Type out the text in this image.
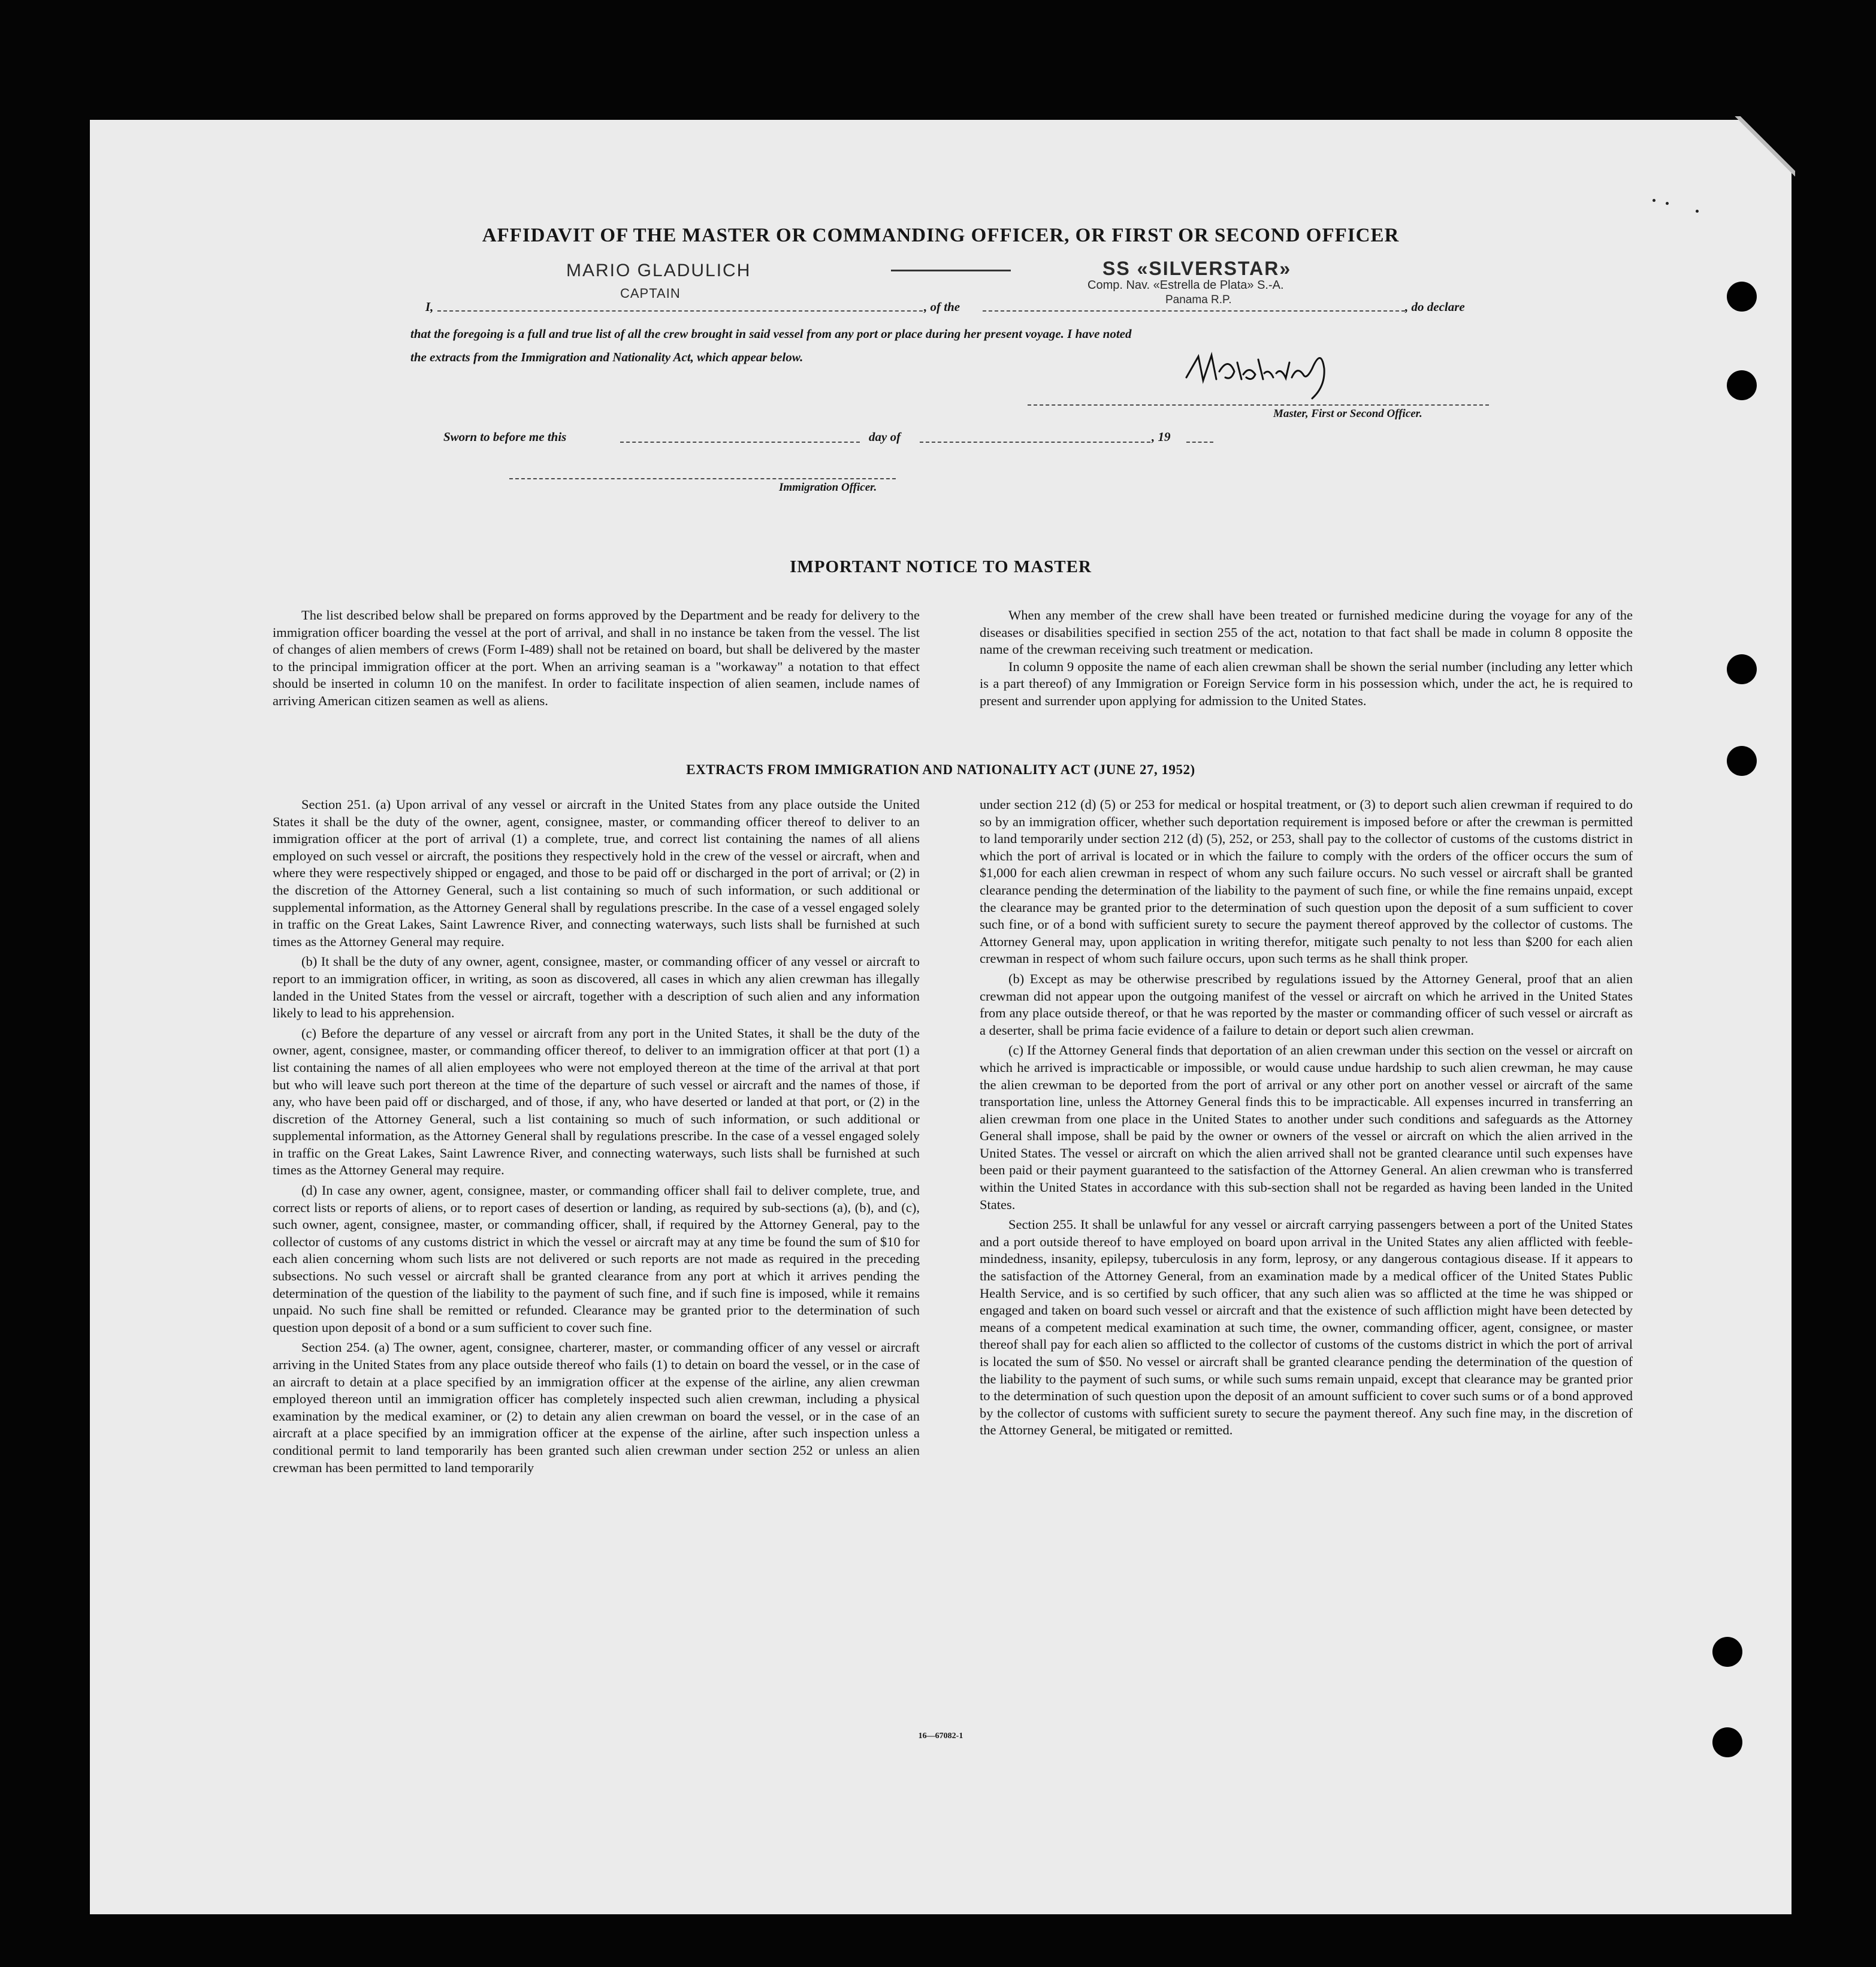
AFFIDAVIT OF THE MASTER OR COMMANDING OFFICER, OR FIRST OR SECOND OFFICER
MARIO GLADULICH	SS «SILVERSTAR»
CAPTAIN
Comp. Nav. «Estrella de Plata» S.-A.
Panama R.P.
I,	, of the	, do declare
that the foregoing is a full and true list of all the crew brought in said vessel from any port or place during her present voyage. I have noted
the extracts from the Immigration and Nationality Act, which appear below.
Master, First or Second Officer.
Sworn to before me this	day of	, 19
Immigration Officer.
IMPORTANT NOTICE TO MASTER

The list described below shall be prepared on forms approved by the Department and be ready for delivery to the immigration officer boarding the vessel at the port of arrival, and shall in no instance be taken from the vessel. The list of changes of alien members of crews (Form I-489) shall not be retained on board, but shall be delivered by the master to the principal immigration officer at the port. When an arriving seaman is a "workaway" a notation to that effect should be inserted in column 10 on the manifest. In order to facilitate inspection of alien seamen, include names of arriving American citizen seamen as well as aliens.

When any member of the crew shall have been treated or furnished medicine during the voyage for any of the diseases or disabilities specified in section 255 of the act, notation to that fact shall be made in column 8 opposite the name of the crewman receiving such treatment or medication.

In column 9 opposite the name of each alien crewman shall be shown the serial number (including any letter which is a part thereof) of any Immigration or Foreign Service form in his possession which, under the act, he is required to present and surrender upon applying for admission to the United States.

EXTRACTS FROM IMMIGRATION AND NATIONALITY ACT (JUNE 27, 1952)

Section 251. (a) Upon arrival of any vessel or aircraft in the United States from any place outside the United States it shall be the duty of the owner, agent, consignee, master, or commanding officer thereof to deliver to an immigration officer at the port of arrival (1) a complete, true, and correct list containing the names of all aliens employed on such vessel or aircraft, the positions they respectively hold in the crew of the vessel or aircraft, when and where they were respectively shipped or engaged, and those to be paid off or discharged in the port of arrival; or (2) in the discretion of the Attorney General, such a list containing so much of such information, or such additional or supplemental information, as the Attorney General shall by regulations prescribe. In the case of a vessel engaged solely in traffic on the Great Lakes, Saint Lawrence River, and connecting waterways, such lists shall be furnished at such times as the Attorney General may require.

(b) It shall be the duty of any owner, agent, consignee, master, or commanding officer of any vessel or aircraft to report to an immigration officer, in writing, as soon as discovered, all cases in which any alien crewman has illegally landed in the United States from the vessel or aircraft, together with a description of such alien and any information likely to lead to his apprehension.

(c) Before the departure of any vessel or aircraft from any port in the United States, it shall be the duty of the owner, agent, consignee, master, or commanding officer thereof, to deliver to an immigration officer at that port (1) a list containing the names of all alien employees who were not employed thereon at the time of the arrival at that port but who will leave such port thereon at the time of the departure of such vessel or aircraft and the names of those, if any, who have been paid off or discharged, and of those, if any, who have deserted or landed at that port, or (2) in the discretion of the Attorney General, such a list containing so much of such information, or such additional or supplemental information, as the Attorney General shall by regulations prescribe. In the case of a vessel engaged solely in traffic on the Great Lakes, Saint Lawrence River, and connecting waterways, such lists shall be furnished at such times as the Attorney General may require.

(d) In case any owner, agent, consignee, master, or commanding officer shall fail to deliver complete, true, and correct lists or reports of aliens, or to report cases of desertion or landing, as required by sub-sections (a), (b), and (c), such owner, agent, consignee, master, or commanding officer, shall, if required by the Attorney General, pay to the collector of customs of any customs district in which the vessel or aircraft may at any time be found the sum of $10 for each alien concerning whom such lists are not delivered or such reports are not made as required in the preceding subsections. No such vessel or aircraft shall be granted clearance from any port at which it arrives pending the determination of the question of the liability to the payment of such fine, and if such fine is imposed, while it remains unpaid. No such fine shall be remitted or refunded. Clearance may be granted prior to the determination of such question upon deposit of a bond or a sum sufficient to cover such fine.

Section 254. (a) The owner, agent, consignee, charterer, master, or commanding officer of any vessel or aircraft arriving in the United States from any place outside thereof who fails (1) to detain on board the vessel, or in the case of an aircraft to detain at a place specified by an immigration officer at the expense of the airline, any alien crewman employed thereon until an immigration officer has completely inspected such alien crewman, including a physical examination by the medical examiner, or (2) to detain any alien crewman on board the vessel, or in the case of an aircraft at a place specified by an immigration officer at the expense of the airline, after such inspection unless a conditional permit to land temporarily has been granted such alien crewman under section 252 or unless an alien crewman has been permitted to land temporarily

under section 212 (d) (5) or 253 for medical or hospital treatment, or (3) to deport such alien crewman if required to do so by an immigration officer, whether such deportation requirement is imposed before or after the crewman is permitted to land temporarily under section 212 (d) (5), 252, or 253, shall pay to the collector of customs of the customs district in which the port of arrival is located or in which the failure to comply with the orders of the officer occurs the sum of $1,000 for each alien crewman in respect of whom any such failure occurs. No such vessel or aircraft shall be granted clearance pending the determination of the liability to the payment of such fine, or while the fine remains unpaid, except the clearance may be granted prior to the determination of such question upon the deposit of a sum sufficient to cover such fine, or of a bond with sufficient surety to secure the payment thereof approved by the collector of customs. The Attorney General may, upon application in writing therefor, mitigate such penalty to not less than $200 for each alien crewman in respect of whom such failure occurs, upon such terms as he shall think proper.

(b) Except as may be otherwise prescribed by regulations issued by the Attorney General, proof that an alien crewman did not appear upon the outgoing manifest of the vessel or aircraft on which he arrived in the United States from any place outside thereof, or that he was reported by the master or commanding officer of such vessel or aircraft as a deserter, shall be prima facie evidence of a failure to detain or deport such alien crewman.

(c) If the Attorney General finds that deportation of an alien crewman under this section on the vessel or aircraft on which he arrived is impracticable or impossible, or would cause undue hardship to such alien crewman, he may cause the alien crewman to be deported from the port of arrival or any other port on another vessel or aircraft of the same transportation line, unless the Attorney General finds this to be impracticable. All expenses incurred in transferring an alien crewman from one place in the United States to another under such conditions and safeguards as the Attorney General shall impose, shall be paid by the owner or owners of the vessel or aircraft on which the alien arrived in the United States. The vessel or aircraft on which the alien arrived shall not be granted clearance until such expenses have been paid or their payment guaranteed to the satisfaction of the Attorney General. An alien crewman who is transferred within the United States in accordance with this sub-section shall not be regarded as having been landed in the United States.

Section 255. It shall be unlawful for any vessel or aircraft carrying passengers between a port of the United States and a port outside thereof to have employed on board upon arrival in the United States any alien afflicted with feeble-mindedness, insanity, epilepsy, tuberculosis in any form, leprosy, or any dangerous contagious disease. If it appears to the satisfaction of the Attorney General, from an examination made by a medical officer of the United States Public Health Service, and is so certified by such officer, that any such alien was so afflicted at the time he was shipped or engaged and taken on board such vessel or aircraft and that the existence of such affliction might have been detected by means of a competent medical examination at such time, the owner, commanding officer, agent, consignee, or master thereof shall pay for each alien so afflicted to the collector of customs of the customs district in which the port of arrival is located the sum of $50. No vessel or aircraft shall be granted clearance pending the determination of the question of the liability to the payment of such sums, or while such sums remain unpaid, except that clearance may be granted prior to the determination of such question upon the deposit of an amount sufficient to cover such sums or of a bond approved by the collector of customs with sufficient surety to secure the payment thereof. Any such fine may, in the discretion of the Attorney General, be mitigated or remitted.

16—67082-1
